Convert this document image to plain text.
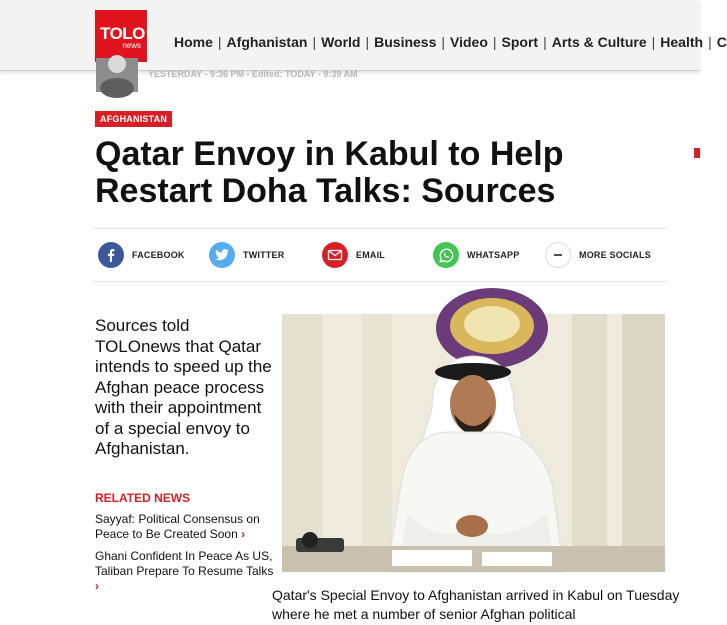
TOLO
news Home | Afghanistan | World | Business | Video | Sport | Arts & Culture | Health | C
YESTERDAY - 9:36 PM - Edited: TODAY - 9:39 AM
AFGHANISTAN
Qatar Envoy in Kabul to Help Restart Doha Talks: Sources
FACEBOOK	TWITTER	EMAIL	WHATSAPP	MORE SOCIALS

Sources told TOLOnews that Qatar intends to speed up the Afghan peace process with their appointment of a special envoy to Afghanistan.

RELATED NEWS
Sayyaf: Political Consensus on Peace to Be Created Soon ›
Ghani Confident In Peace As US, Taliban Prepare To Resume Talks ›

Qatar's Special Envoy to Afghanistan arrived in Kabul on Tuesday where he met a number of senior Afghan political
